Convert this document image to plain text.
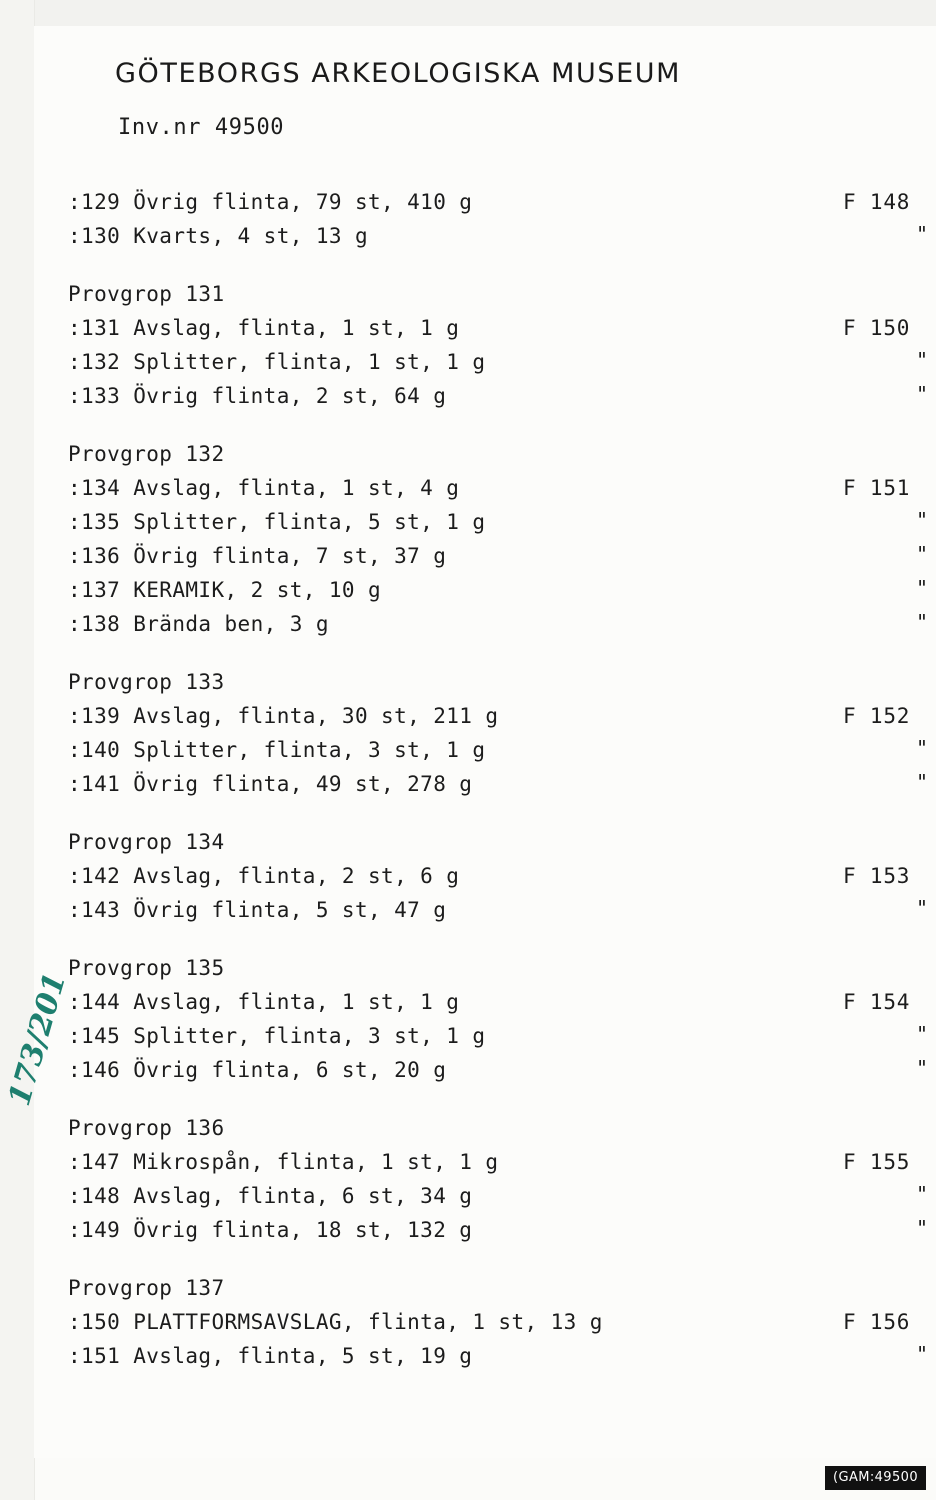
GÖTEBORGS ARKEOLOGISKA MUSEUM
Inv.nr 49500
:129 Övrig flinta, 79 st, 410 g	F 148
:130 Kvarts, 4 st, 13 g	"
Provgrop 131
:131 Avslag, flinta, 1 st, 1 g	F 150
:132 Splitter, flinta, 1 st, 1 g	"
:133 Övrig flinta, 2 st, 64 g	"
Provgrop 132
:134 Avslag, flinta, 1 st, 4 g	F 151
:135 Splitter, flinta, 5 st, 1 g	"
:136 Övrig flinta, 7 st, 37 g	"
:137 KERAMIK, 2 st, 10 g	"
:138 Brända ben, 3 g	"
Provgrop 133
:139 Avslag, flinta, 30 st, 211 g	F 152
:140 Splitter, flinta, 3 st, 1 g	"
:141 Övrig flinta, 49 st, 278 g	"
Provgrop 134
:142 Avslag, flinta, 2 st, 6 g	F 153
:143 Övrig flinta, 5 st, 47 g	"
Provgrop 135
:144 Avslag, flinta, 1 st, 1 g	F 154
:145 Splitter, flinta, 3 st, 1 g	"
:146 Övrig flinta, 6 st, 20 g	"
Provgrop 136
:147 Mikrospån, flinta, 1 st, 1 g	F 155
:148 Avslag, flinta, 6 st, 34 g	"
:149 Övrig flinta, 18 st, 132 g	"
Provgrop 137
:150 PLATTFORMSAVSLAG, flinta, 1 st, 13 g	F 156
:151 Avslag, flinta, 5 st, 19 g	"
173/201
(GAM:49500
